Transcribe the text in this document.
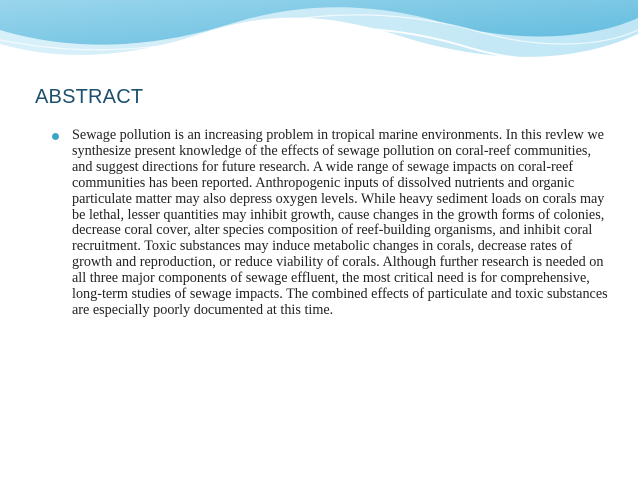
ABSTRACT

Sewage pollution is an increasing problem in tropical marine environments. In this revlew we synthesize present knowledge of the effects of sewage pollution on coral-reef communities, and suggest directions for future research. A wide range of sewage impacts on coral-reef communities has been reported. Anthropogenic inputs of dissolved nutrients and organic particulate matter may also depress oxygen levels. While heavy sediment loads on corals may be lethal, lesser quantities may inhibit growth, cause changes in the growth forms of colonies, decrease coral cover, alter species composition of reef-building organisms, and inhibit coral recruitment. Toxic substances may induce metabolic changes in corals, decrease rates of growth and reproduction, or reduce viability of corals. Although further research is needed on all three major components of sewage effluent, the most critical need is for comprehensive, long-term studies of sewage impacts. The combined effects of particulate and toxic substances are especially poorly documented at this time.
